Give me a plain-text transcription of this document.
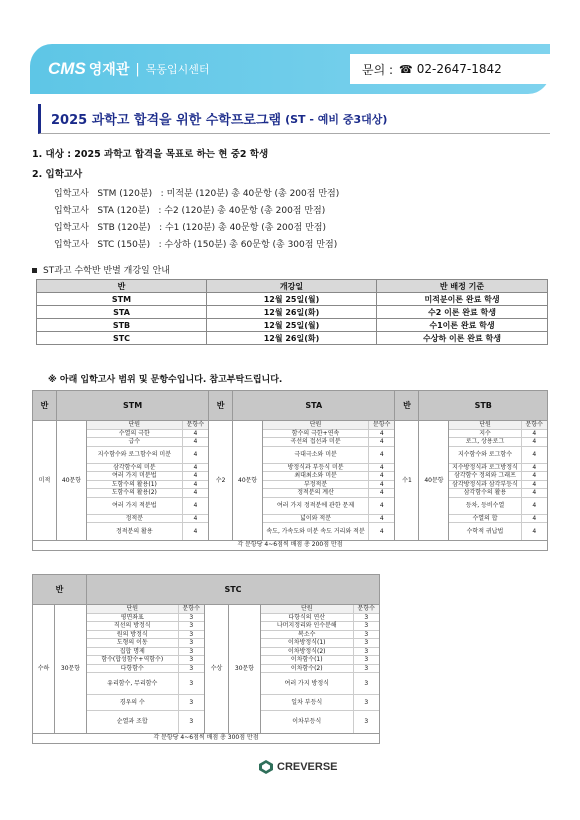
CMS 영재관 | 목동입시센터	문의 : ☎ 02-2647-1842
2025 과학고 합격을 위한 수학프로그램 (ST - 예비 중3대상)
1. 대상 : 2025 과학고 합격을 목표로 하는 현 중2 학생
2. 입학고사
입학고사   STM (120분)   : 미적분 (120분) 총 40문항 (총 200점 만점)
입학고사   STA (120분)   : 수2 (120분) 총 40문항 (총 200점 만점)
입학고사   STB (120분)   : 수1 (120분) 총 40문항 (총 200점 만점)
입학고사   STC (150분)   : 수상하 (150분) 총 60문항 (총 300점 만점)
ST과고 수학반 반별 개강일 안내
반	개강일	반 배정 기준
STM	12월 25일(월)	미적분이론 완료 학생
STA	12월 26일(화)	수2 이론 완료 학생
STB	12월 25일(월)	수1이론 완료 학생
STC	12월 26일(화)	수상하 이론 완료 학생
※ 아래 입학고사 범위 및 문항수입니다. 참고부탁드립니다.
반	STM	반	STA	반	STB
미적	40문항	
단원	문항수
수열의 극한	4
급수	4
지수함수와 로그함수의 미분	4
삼각함수의 미분	4
여러 가지 미분법	4
도함수의 활용(1)	4
도함수의 활용(2)	4
여러 가지 적분법	4
정적분	4
정적분의 활용	4
	수2	40문항	
단원	문항수
함수의 극한+연속	4
곡선의 접선과 미분	4
극대극소와 미분	4
방정식과 부등식 미분	4
최대최소와 미분	4
부정적분	4
정적분의 계산	4
여러 가지 정적분에 관한 문제	4
넓이와 적분	4
속도, 가속도와 미분 속도 거리와 적분	4
	수1	40문항	
단원	문항수
지수	4
로그, 상용로그	4
지수함수와 로그함수	4
지수방정식과 로그방정식	4
삼각함수 정의와 그래프	4
삼각방정식과 삼각부등식	4
삼각함수의 활용	4
등차, 등비수열	4
수열의 합	4
수학적 귀납법	4

각 문항당 4~6점씩 배점 총 200점 만점
반	STC
수하	30문항	
단원	문항수
평면좌표	3
직선의 방정식	3
원의 방정식	3
도형의 이동	3
집합 명제	3
함수(합성함수+역함수)	3
다항함수	3
유리함수, 무리함수	3
경우의 수	3
순열과 조합	3
	수상	30문항	
단원	문항수
다항식의 연산	3
나머지정리와 인수분해	3
복소수	3
이차방정식(1)	3
이차방정식(2)	3
이차함수(1)	3
이차함수(2)	3
여러 가지 방정식	3
일차 부등식	3
이차부등식	3

각 문항당 4~6점씩 배점 총 300점 만점
CREVERSE
